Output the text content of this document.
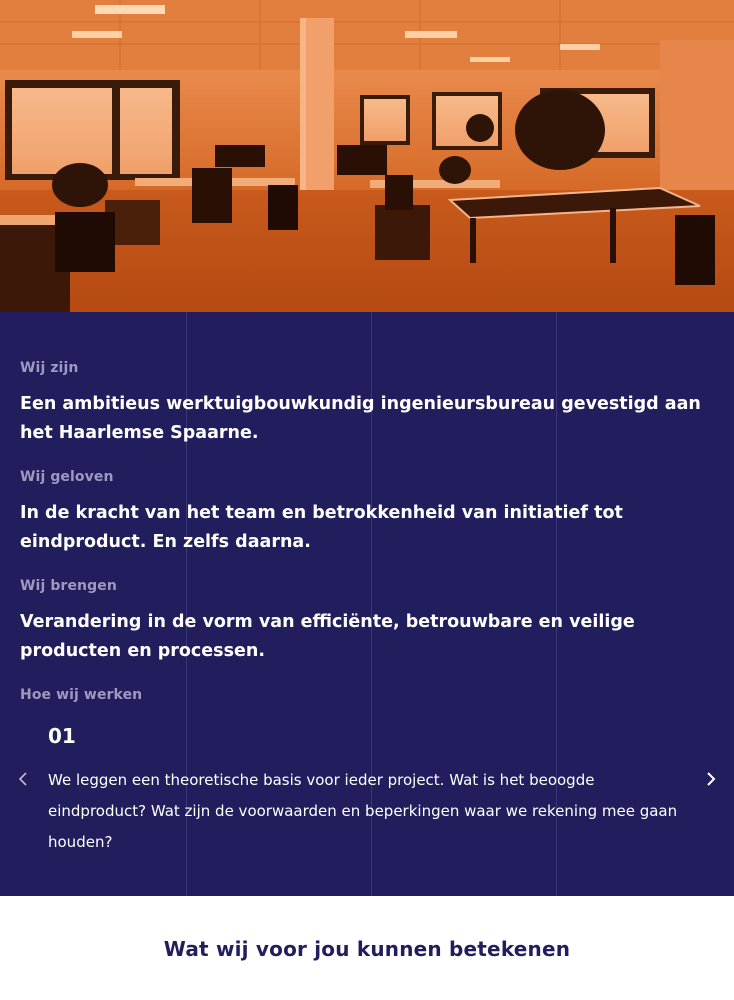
Wij zijn

Een ambitieus werktuigbouwkundig ingenieursbureau gevestigd aan het Haarlemse Spaarne.

Wij geloven

In de kracht van het team en betrokkenheid van initiatief tot eindproduct. En zelfs daarna.

Wij brengen

Verandering in de vorm van efficiënte, betrouwbare en veilige producten en processen.

Hoe wij werken
01

We leggen een theoretische basis voor ieder project. Wat is het beoogde eindproduct? Wat zijn de voorwaarden en beperkingen waar we rekening mee gaan houden?

Wat wij voor jou kunnen betekenen
